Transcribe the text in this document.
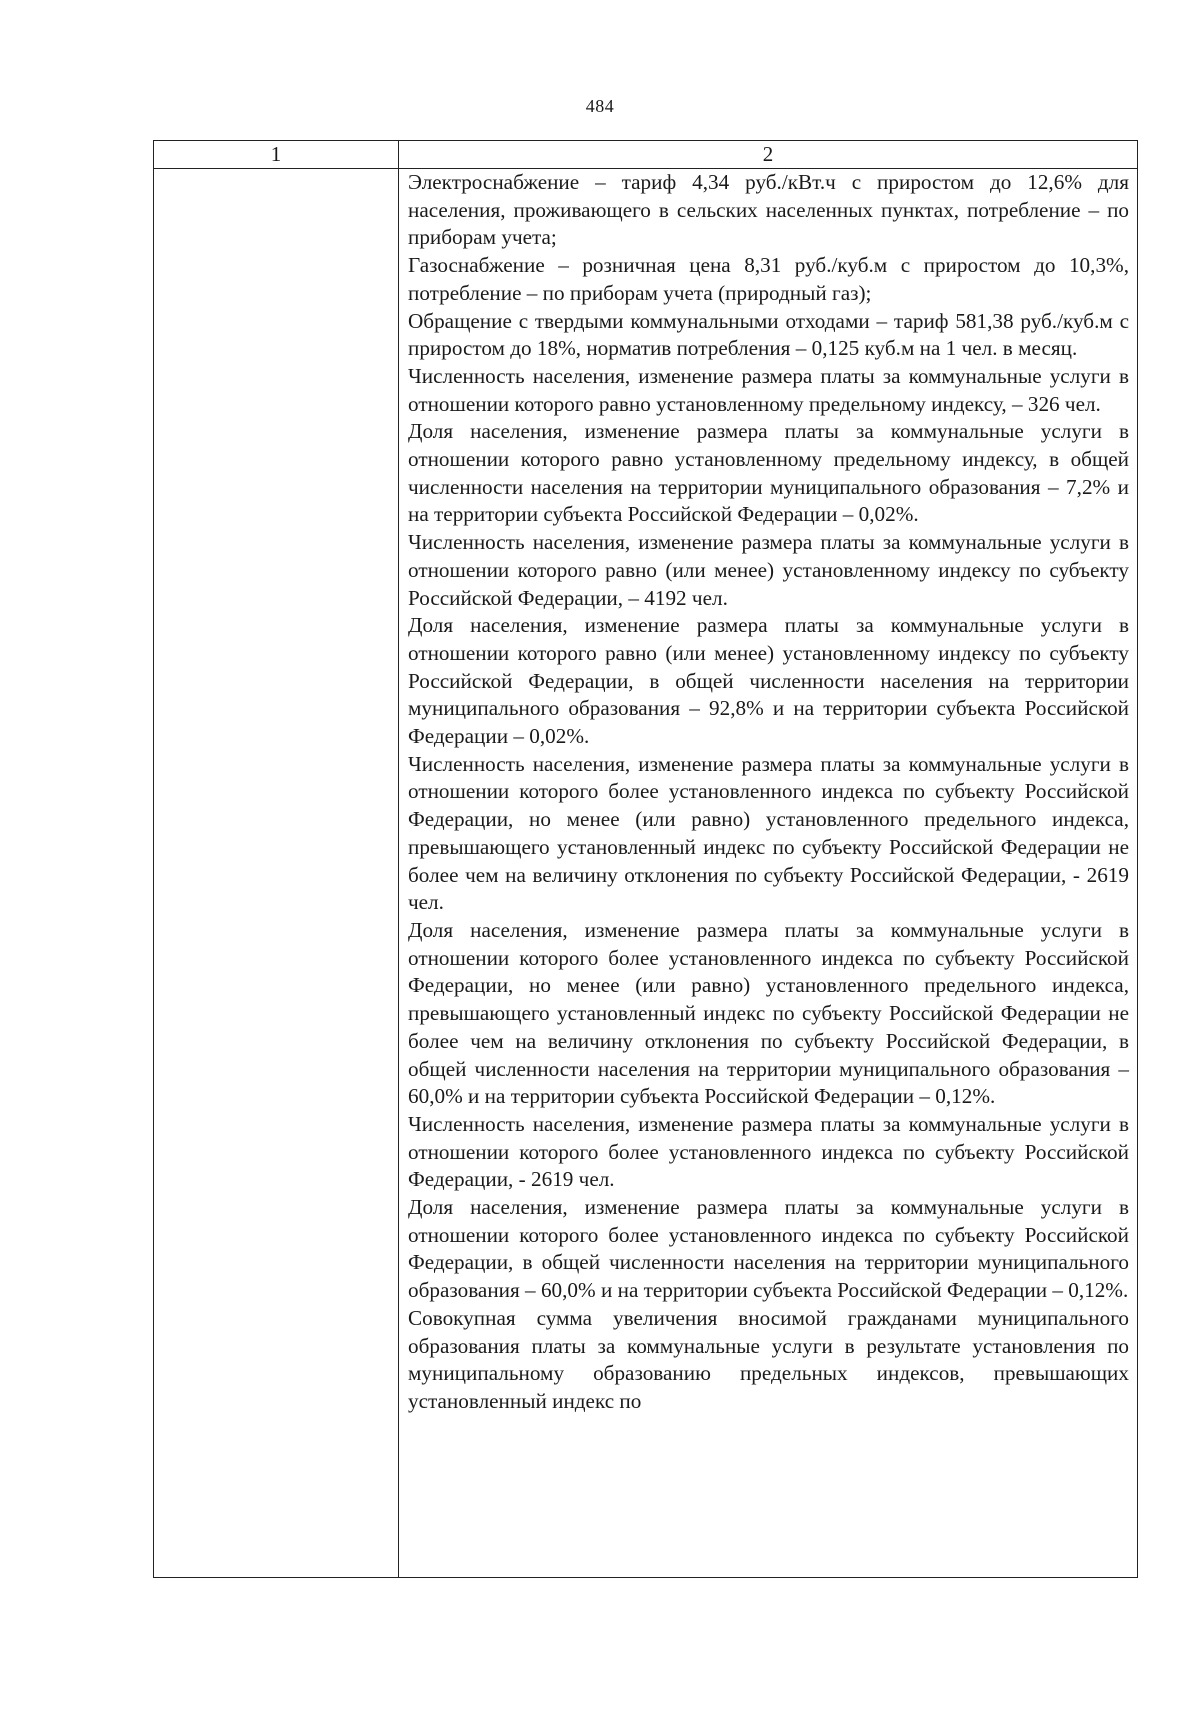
484
1	2

Электроснабжение – тариф 4,34 руб./кВт.ч с приростом до 12,6% для населения, проживающего в сельских населенных пунктах, потребление – по приборам учета;

Газоснабжение – розничная цена 8,31 руб./куб.м с приростом до 10,3%, потребление – по приборам учета (природный газ);

Обращение с твердыми коммунальными отходами – тариф 581,38 руб./куб.м с приростом до 18%, норматив потребления – 0,125 куб.м на 1 чел. в месяц.

Численность населения, изменение размера платы за коммунальные услуги в отношении которого равно установленному предельному индексу, – 326 чел.

Доля населения, изменение размера платы за коммунальные услуги в отношении которого равно установленному предельному индексу, в общей численности населения на территории муниципального образования – 7,2% и на территории субъекта Российской Федерации – 0,02%.

Численность населения, изменение размера платы за коммунальные услуги в отношении которого равно (или менее) установленному индексу по субъекту Российской Федерации, – 4192 чел.

Доля населения, изменение размера платы за коммунальные услуги в отношении которого равно (или менее) установленному индексу по субъекту Российской Федерации, в общей численности населения на территории муниципального образования – 92,8% и на территории субъекта Российской Федерации – 0,02%.

Численность населения, изменение размера платы за коммунальные услуги в отношении которого более установленного индекса по субъекту Российской Федерации, но менее (или равно) установленного предельного индекса, превышающего установленный индекс по субъекту Российской Федерации не более чем на величину отклонения по субъекту Российской Федерации, - 2619 чел.

Доля населения, изменение размера платы за коммунальные услуги в отношении которого более установленного индекса по субъекту Российской Федерации, но менее (или равно) установленного предельного индекса, превышающего установленный индекс по субъекту Российской Федерации не более чем на величину отклонения по субъекту Российской Федерации, в общей численности населения на территории муниципального образования – 60,0% и на территории субъекта Российской Федерации – 0,12%.

Численность населения, изменение размера платы за коммунальные услуги в отношении которого более установленного индекса по субъекту Российской Федерации, - 2619 чел.

Доля населения, изменение размера платы за коммунальные услуги в отношении которого более установленного индекса по субъекту Российской Федерации, в общей численности населения на территории муниципального образования – 60,0% и на территории субъекта Российской Федерации – 0,12%.

Совокупная сумма увеличения вносимой гражданами муниципального образования платы за коммунальные услуги в результате установления по муниципальному образованию предельных индексов, превышающих установленный индекс по
